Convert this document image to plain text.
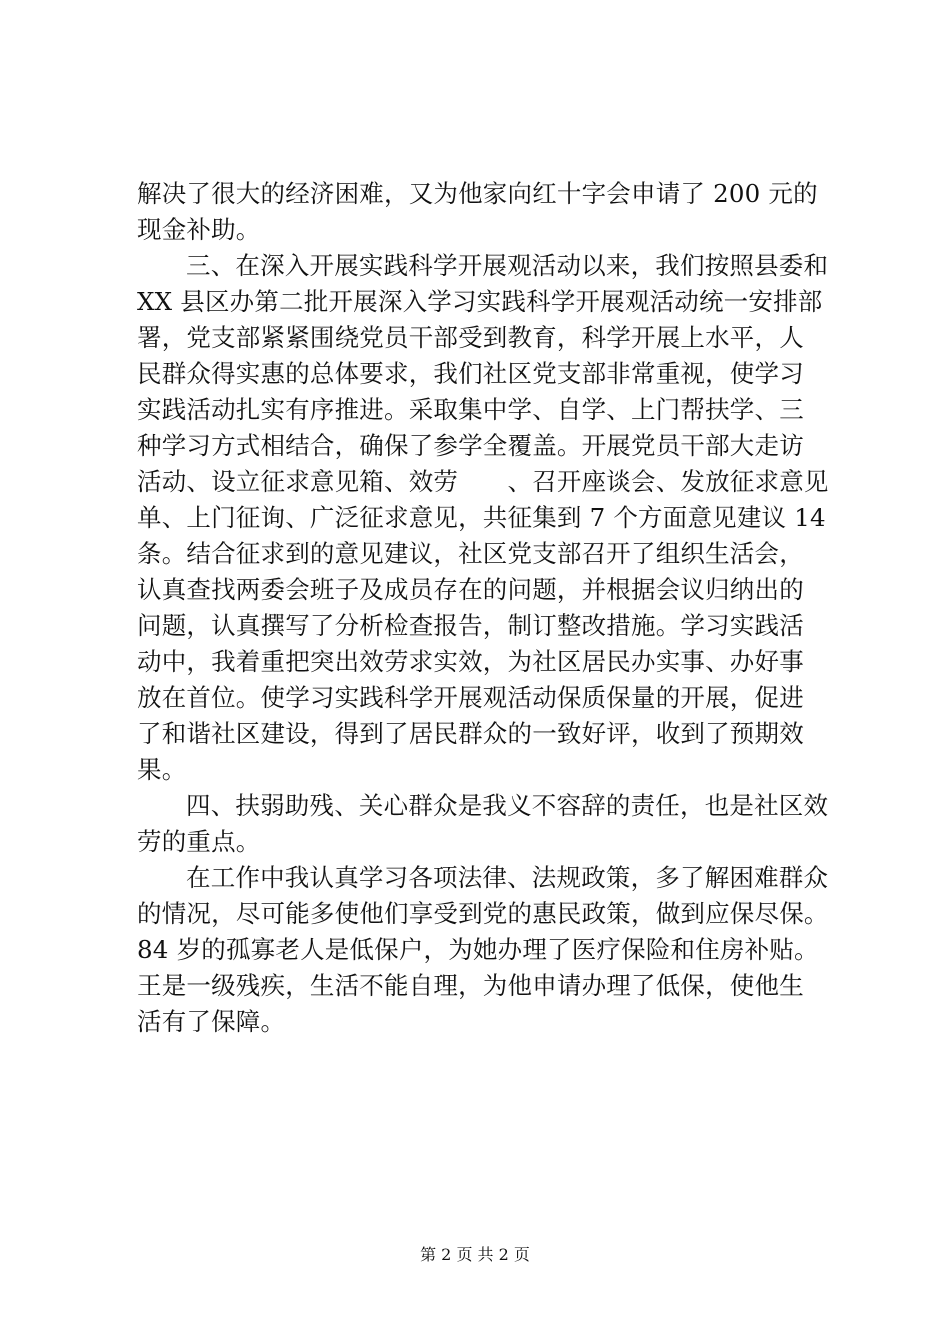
解决了很大的经济困难，又为他家向红十字会申请了 200 元的
现金补助。
三、在深入开展实践科学开展观活动以来，我们按照县委和
XX 县区办第二批开展深入学习实践科学开展观活动统一安排部
署，党支部紧紧围绕党员干部受到教育，科学开展上水平，人
民群众得实惠的总体要求，我们社区党支部非常重视，使学习
实践活动扎实有序推进。采取集中学、自学、上门帮扶学、三
种学习方式相结合，确保了参学全覆盖。开展党员干部大走访
活动、设立征求意见箱、效劳　　、召开座谈会、发放征求意见
单、上门征询、广泛征求意见，共征集到 7 个方面意见建议 14
条。结合征求到的意见建议，社区党支部召开了组织生活会，
认真查找两委会班子及成员存在的问题，并根据会议归纳出的
问题，认真撰写了分析检查报告，制订整改措施。学习实践活
动中，我着重把突出效劳求实效，为社区居民办实事、办好事
放在首位。使学习实践科学开展观活动保质保量的开展，促进
了和谐社区建设，得到了居民群众的一致好评，收到了预期效
果。
四、扶弱助残、关心群众是我义不容辞的责任，也是社区效
劳的重点。
在工作中我认真学习各项法律、法规政策，多了解困难群众
的情况，尽可能多使他们享受到党的惠民政策，做到应保尽保。
84 岁的孤寡老人是低保户，为她办理了医疗保险和住房补贴。
王是一级残疾，生活不能自理，为他申请办理了低保，使他生
活有了保障。
第 2 页 共 2 页
